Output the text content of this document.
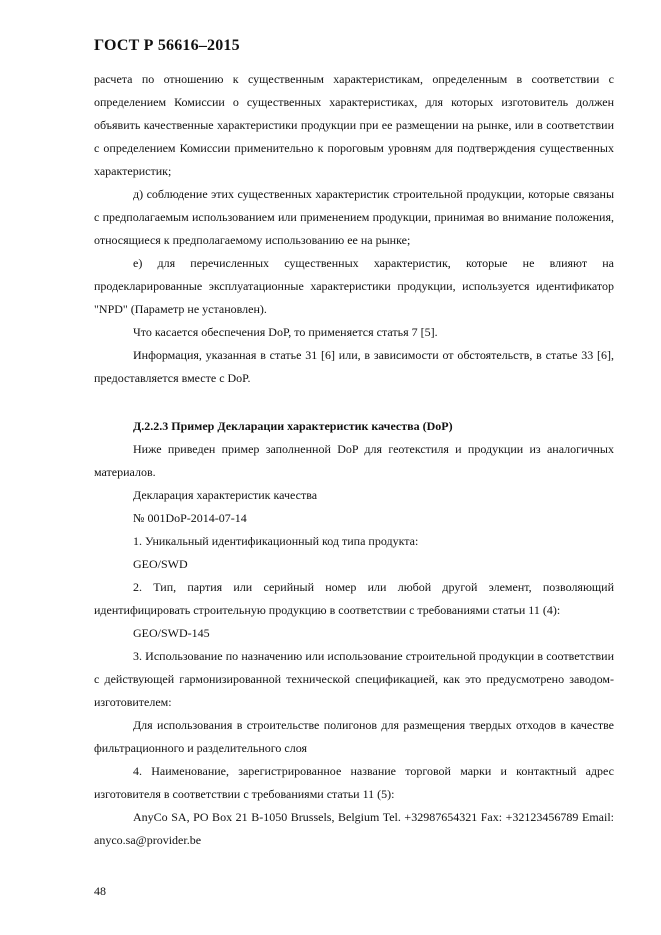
ГОСТ Р 56616–2015

расчета по отношению к существенным характеристикам, определенным в соответствии с определением Комиссии о существенных характеристиках, для которых изготовитель должен объявить качественные характеристики продукции при ее размещении на рынке, или в соответствии с определением Комиссии применительно к пороговым уровням для подтверждения существенных характеристик;

д) соблюдение этих существенных характеристик строительной продукции, которые связаны с предполагаемым использованием или применением продукции, принимая во внимание положения, относящиеся к предполагаемому использованию ее на рынке;

е) для перечисленных существенных характеристик, которые не влияют на продекларированные эксплуатационные характеристики продукции, используется идентификатор "NPD" (Параметр не установлен).

Что касается обеспечения DoP, то применяется статья 7 [5].

Информация, указанная в статье 31 [6] или, в зависимости от обстоятельств, в статье 33 [6], предоставляется вместе с DoP.

Д.2.2.3 Пример Декларации характеристик качества (DoP)

Ниже приведен пример заполненной DoP для геотекстиля и продукции из аналогичных материалов.

Декларация характеристик качества

№ 001DoP-2014-07-14

1. Уникальный идентификационный код типа продукта:

GEO/SWD

2. Тип, партия или серийный номер или любой другой элемент, позволяющий идентифицировать строительную продукцию в соответствии с требованиями статьи 11 (4):

GEO/SWD-145

3. Использование по назначению или использование строительной продукции в соответствии с действующей гармонизированной технической спецификацией, как это предусмотрено заводом-изготовителем:

Для использования в строительстве полигонов для размещения твердых отходов в качестве фильтрационного и разделительного слоя

4. Наименование, зарегистрированное название торговой марки и контактный адрес изготовителя в соответствии с требованиями статьи 11 (5):

AnyCo SA, PO Box 21 B-1050 Brussels, Belgium Tel. +32987654321 Fax: +32123456789 Email: anyco.sa@provider.be

48
